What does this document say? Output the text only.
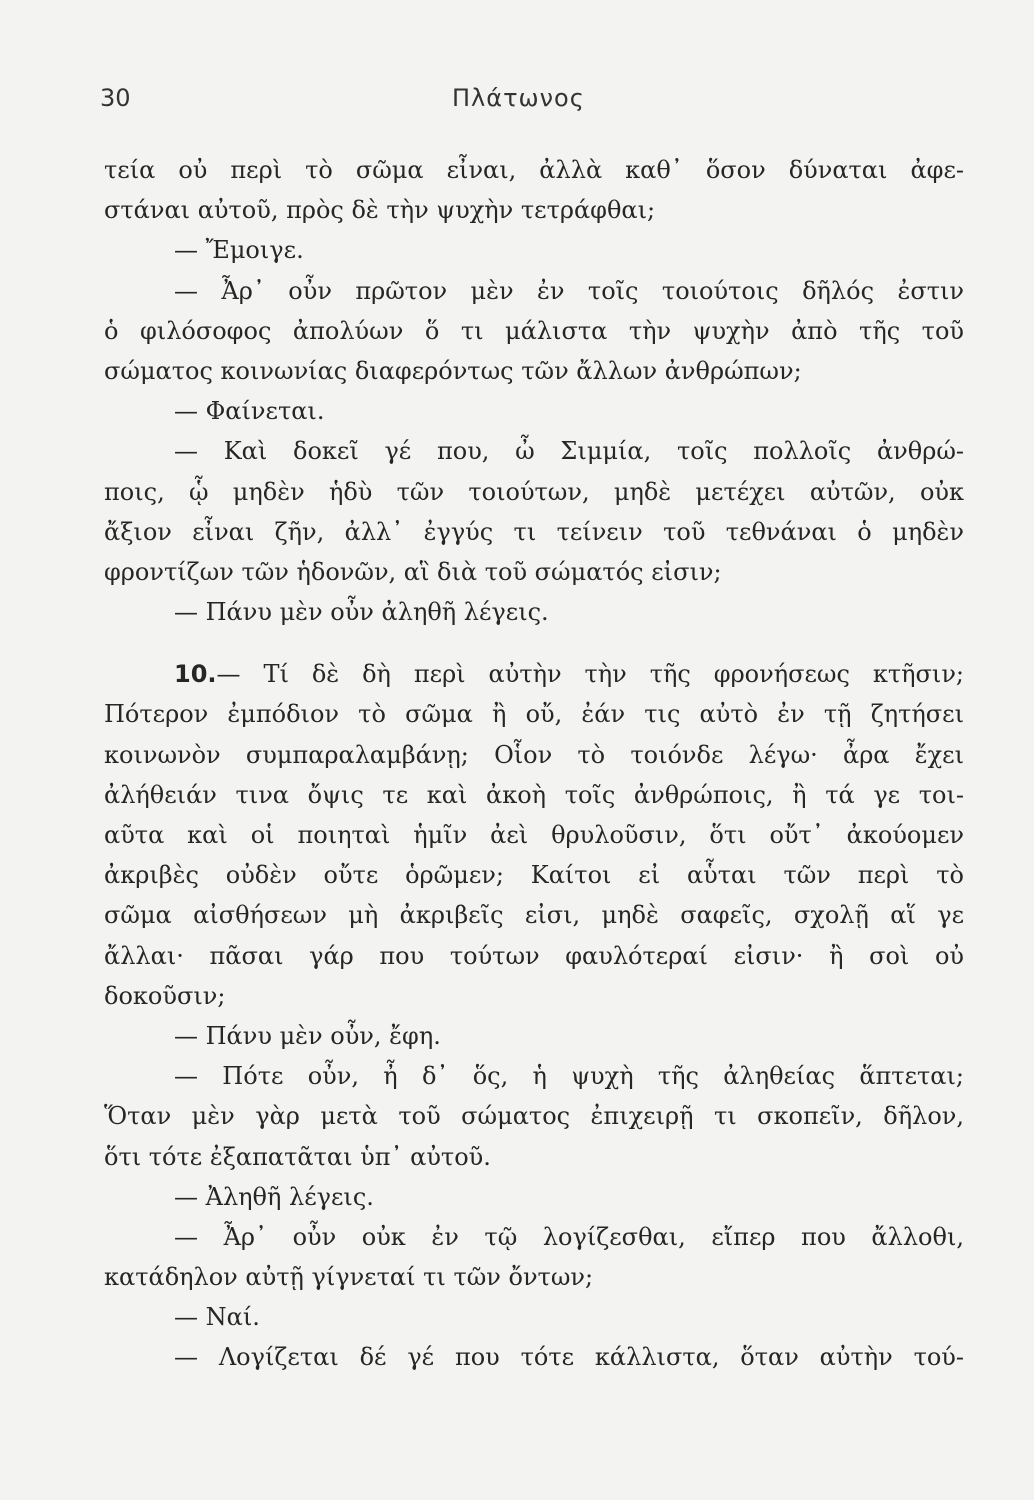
30	Πλάτωνος
τεία οὐ περὶ τὸ σῶμα εἶναι, ἀλλὰ καθ᾽ ὅσον δύναται ἀφε-
στάναι αὐτοῦ, πρὸς δὲ τὴν ψυχὴν τετράφθαι;
— Ἔμοιγε.
— Ἆρ᾽ οὖν πρῶτον μὲν ἐν τοῖς τοιούτοις δῆλός ἐστιν
ὁ φιλόσοφος ἀπολύων ὅ τι μάλιστα τὴν ψυχὴν ἀπὸ τῆς τοῦ
σώματος κοινωνίας διαφερόντως τῶν ἄλλων ἀνθρώπων;
— Φαίνεται.
— Καὶ δοκεῖ γέ που, ὦ Σιμμία, τοῖς πολλοῖς ἀνθρώ-
ποις, ᾧ μηδὲν ἡδὺ τῶν τοιούτων, μηδὲ μετέχει αὐτῶν, οὐκ
ἄξιον εἶναι ζῆν, ἀλλ᾽ ἐγγύς τι τείνειν τοῦ τεθνάναι ὁ μηδὲν
φροντίζων τῶν ἡδονῶν, αἳ διὰ τοῦ σώματός εἰσιν;
— Πάνυ μὲν οὖν ἀληθῆ λέγεις.
10.— Τί δὲ δὴ περὶ αὐτὴν τὴν τῆς φρονήσεως κτῆσιν;
Πότερον ἐμπόδιον τὸ σῶμα ἢ οὔ, ἐάν τις αὐτὸ ἐν τῇ ζητήσει
κοινωνὸν συμπαραλαμβάνῃ; Οἷον τὸ τοιόνδε λέγω· ἆρα ἔχει
ἀλήθειάν τινα ὄψις τε καὶ ἀκοὴ τοῖς ἀνθρώποις, ἢ τά γε τοι-
αῦτα καὶ οἱ ποιηταὶ ἡμῖν ἀεὶ θρυλοῦσιν, ὅτι οὔτ᾽ ἀκούομεν
ἀκριβὲς οὐδὲν οὔτε ὁρῶμεν; Καίτοι εἰ αὗται τῶν περὶ τὸ
σῶμα αἰσθήσεων μὴ ἀκριβεῖς εἰσι, μηδὲ σαφεῖς, σχολῇ αἵ γε
ἄλλαι· πᾶσαι γάρ που τούτων φαυλότεραί εἰσιν· ἢ σοὶ οὐ
δοκοῦσιν;
— Πάνυ μὲν οὖν, ἔφη.
— Πότε οὖν, ἦ δ᾽ ὅς, ἡ ψυχὴ τῆς ἀληθείας ἅπτεται;
Ὅταν μὲν γὰρ μετὰ τοῦ σώματος ἐπιχειρῇ τι σκοπεῖν, δῆλον,
ὅτι τότε ἐξαπατᾶται ὑπ᾽ αὐτοῦ.
— Ἀληθῆ λέγεις.
— Ἆρ᾽ οὖν οὐκ ἐν τῷ λογίζεσθαι, εἴπερ που ἄλλοθι,
κατάδηλον αὐτῇ γίγνεταί τι τῶν ὄντων;
— Ναί.
— Λογίζεται δέ γέ που τότε κάλλιστα, ὅταν αὐτὴν τού-
